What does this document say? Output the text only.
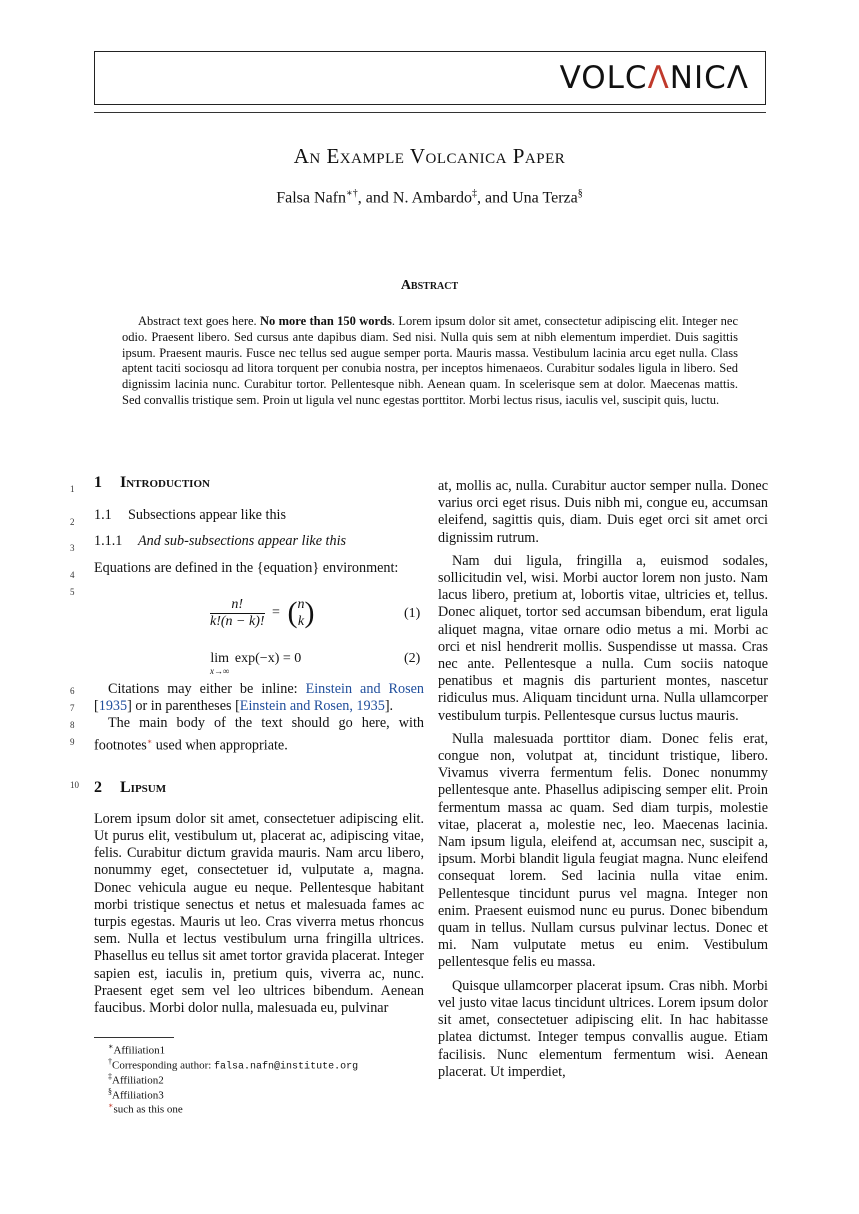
VOLCΛNICΛ
An Example Volcanica Paper
Falsa Nafn∗†, and N. Ambardo‡, and Una Terza§
Abstract
Abstract text goes here. No more than 150 words. Lorem ipsum dolor sit amet, consectetur adipiscing elit. Integer nec odio. Praesent libero. Sed cursus ante dapibus diam. Sed nisi. Nulla quis sem at nibh elementum imperdiet. Duis sagittis ipsum. Praesent mauris. Fusce nec tellus sed augue semper porta. Mauris massa. Vestibulum lacinia arcu eget nulla. Class aptent taciti sociosqu ad litora torquent per conubia nostra, per inceptos himenaeos. Curabitur sodales ligula in libero. Sed dignissim lacinia nunc. Curabitur tortor. Pellentesque nibh. Aenean quam. In scelerisque sem at dolor. Maecenas mattis. Sed convallis tristique sem. Proin ut ligula vel nunc egestas porttitor. Morbi lectus risus, iaculis vel, suscipit quis, luctu.
1
2
3
4
5
6
7
8
9
10
1 Introduction
1.1 Subsections appear like this
1.1.1 And sub-subsections appear like this

Equations are defined in the {equation} environment:

$\frac{n!}{k!(n - k)!}$ = ( n
k )	(1)
lim
x→∞
exp(−x) = 0	(2)

Citations may either be inline: Einstein and Rosen [1935] or in parentheses [Einstein and Rosen, 1935].

The main body of the text should go here, with footnotes∗ used when appropriate.

2 Lipsum

Lorem ipsum dolor sit amet, consectetuer adipiscing elit. Ut purus elit, vestibulum ut, placerat ac, adipiscing vitae, felis. Curabitur dictum gravida mauris. Nam arcu libero, nonummy eget, consectetuer id, vulputate a, magna. Donec vehicula augue eu neque. Pellentesque habitant morbi tristique senectus et netus et malesuada fames ac turpis egestas. Mauris ut leo. Cras viverra metus rhoncus sem. Nulla et lectus vestibulum urna fringilla ultrices. Phasellus eu tellus sit amet tortor gravida placerat. Integer sapien est, iaculis in, pretium quis, viverra ac, nunc. Praesent eget sem vel leo ultrices bibendum. Aenean faucibus. Morbi dolor nulla, malesuada eu, pulvinar

at, mollis ac, nulla. Curabitur auctor semper nulla. Donec varius orci eget risus. Duis nibh mi, congue eu, accumsan eleifend, sagittis quis, diam. Duis eget orci sit amet orci dignissim rutrum.

Nam dui ligula, fringilla a, euismod sodales, sollicitudin vel, wisi. Morbi auctor lorem non justo. Nam lacus libero, pretium at, lobortis vitae, ultricies et, tellus. Donec aliquet, tortor sed accumsan bibendum, erat ligula aliquet magna, vitae ornare odio metus a mi. Morbi ac orci et nisl hendrerit mollis. Suspendisse ut massa. Cras nec ante. Pellentesque a nulla. Cum sociis natoque penatibus et magnis dis parturient montes, nascetur ridiculus mus. Aliquam tincidunt urna. Nulla ullamcorper vestibulum turpis. Pellentesque cursus luctus mauris.

Nulla malesuada porttitor diam. Donec felis erat, congue non, volutpat at, tincidunt tristique, libero. Vivamus viverra fermentum felis. Donec nonummy pellentesque ante. Phasellus adipiscing semper elit. Proin fermentum massa ac quam. Sed diam turpis, molestie vitae, placerat a, molestie nec, leo. Maecenas lacinia. Nam ipsum ligula, eleifend at, accumsan nec, suscipit a, ipsum. Morbi blandit ligula feugiat magna. Nunc eleifend consequat lorem. Sed lacinia nulla vitae enim. Pellentesque tincidunt purus vel magna. Integer non enim. Praesent euismod nunc eu purus. Donec bibendum quam in tellus. Nullam cursus pulvinar lectus. Donec et mi. Nam vulputate metus eu enim. Vestibulum pellentesque felis eu massa.

Quisque ullamcorper placerat ipsum. Cras nibh. Morbi vel justo vitae lacus tincidunt ultrices. Lorem ipsum dolor sit amet, consectetuer adipiscing elit. In hac habitasse platea dictumst. Integer tempus convallis augue. Etiam facilisis. Nunc elementum fermentum wisi. Aenean placerat. Ut imperdiet,

∗Affiliation1
†Corresponding author: falsa.nafn@institute.org
‡Affiliation2
§Affiliation3
∗such as this one
